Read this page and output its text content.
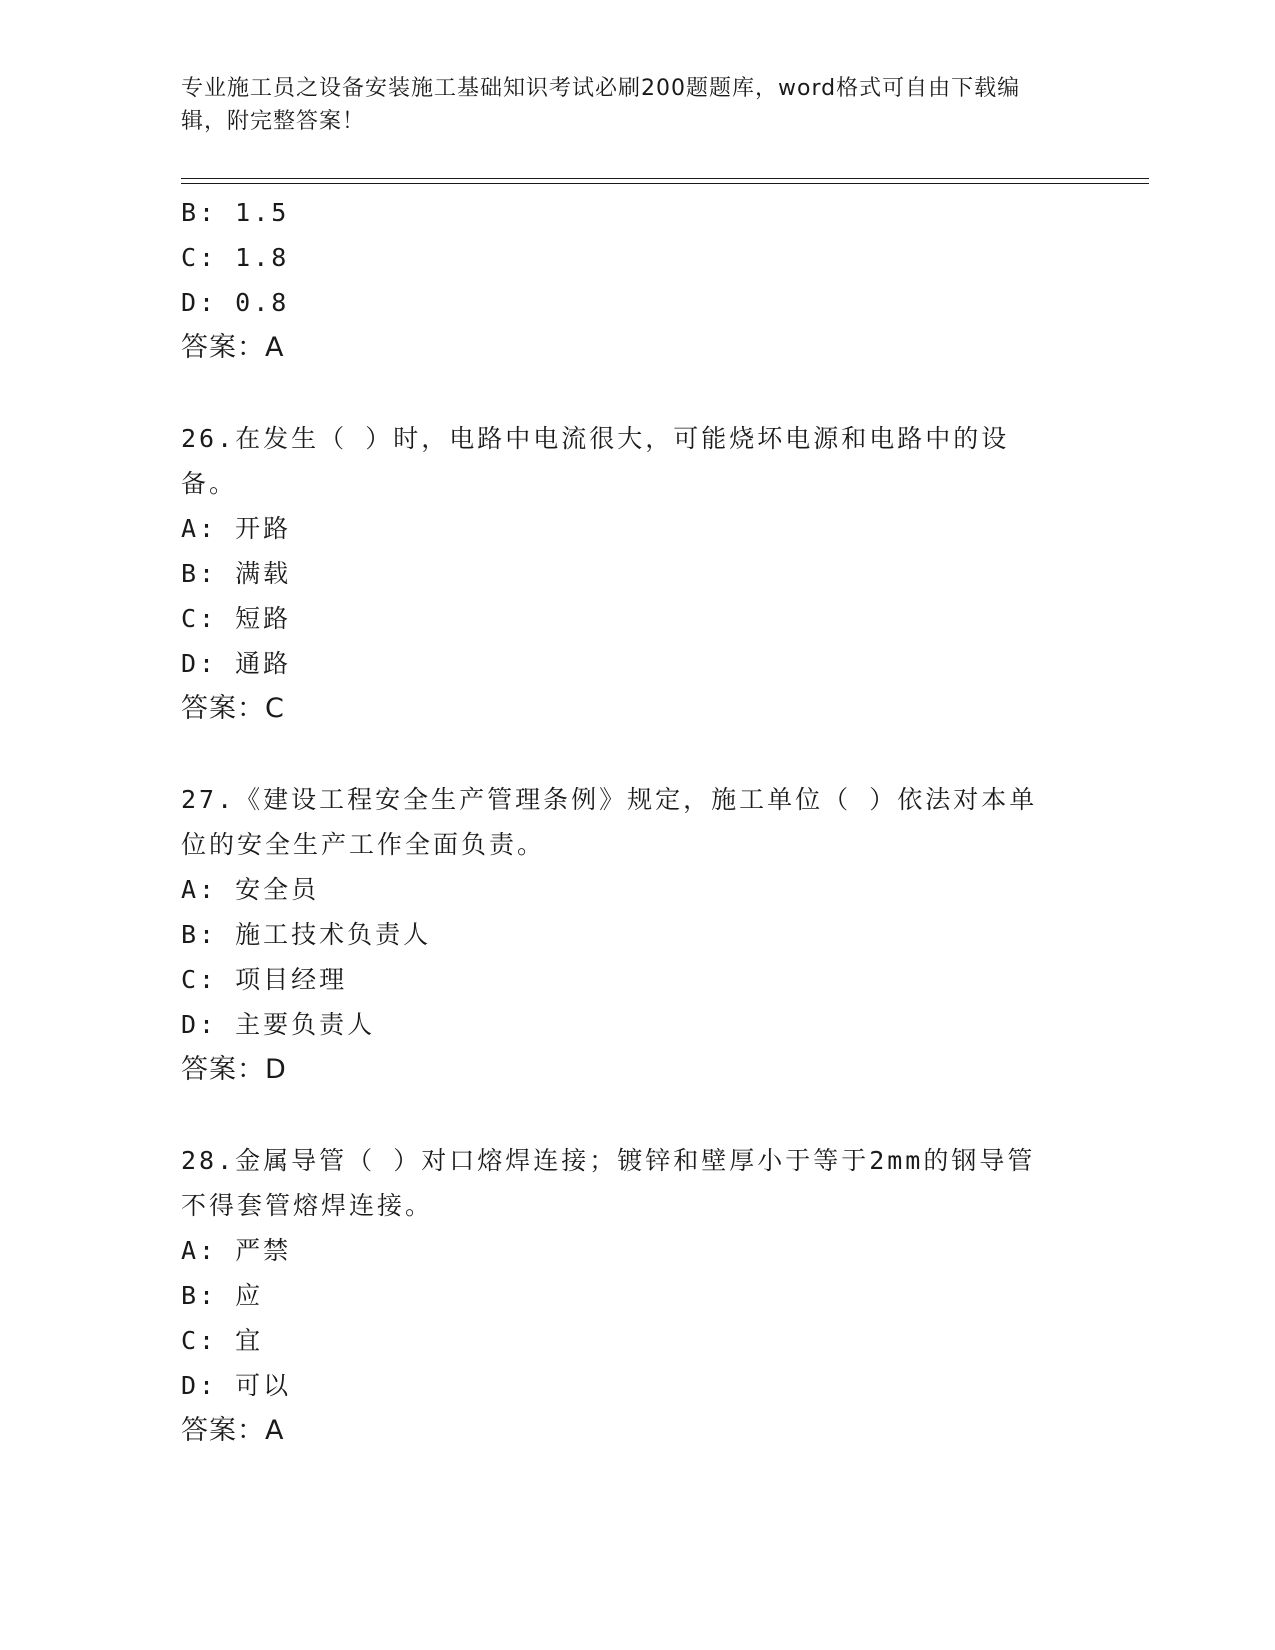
专业施工员之设备安装施工基础知识考试必刷200题题库，word格式可自由下载编辑，附完整答案！
B: 1.5
C: 1.8
D: 0.8
答案：A
26.在发生（ ）时，电路中电流很大，可能烧坏电源和电路中的设备。
A: 开路
B: 满载
C: 短路
D: 通路
答案：C
27.《建设工程安全生产管理条例》规定，施工单位（ ）依法对本单位的安全生产工作全面负责。
A: 安全员
B: 施工技术负责人
C: 项目经理
D: 主要负责人
答案：D
28.金属导管（ ）对口熔焊连接；镀锌和壁厚小于等于2mm的钢导管不得套管熔焊连接。
A: 严禁
B: 应
C: 宜
D: 可以
答案：A
